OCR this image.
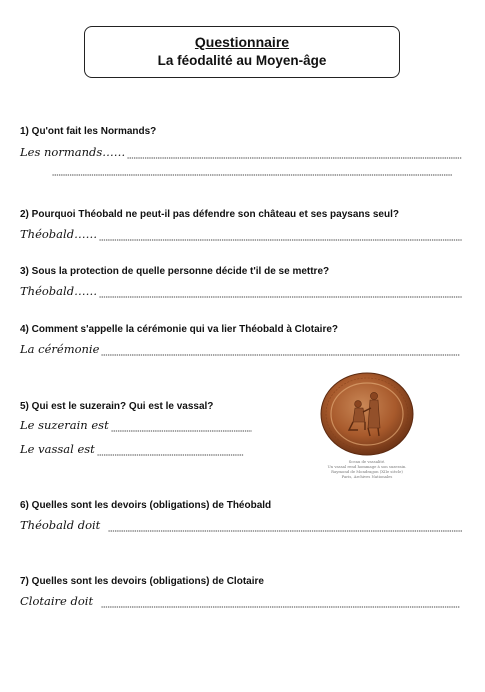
Questionnaire
La féodalité au Moyen-âge
1) Qu'ont fait les Normands?
Les normands ……
2) Pourquoi Théobald ne peut-il pas défendre son château et ses paysans seul?
Théobald ……
3) Sous la protection de quelle personne décide t'il de se mettre?
Théobald ……
4) Comment s'appelle la cérémonie qui va lier Théobald à Clotaire?
La cérémonie
5) Qui est le suzerain? Qui est le vassal?
Le suzerain est
Le vassal est
Sceau de vassalité.
Un vassal rend hommage à son suzerain.
Raymond de Mondragon (XIIe siècle)
Paris, Archives Nationales
6) Quelles sont les devoirs (obligations) de Théobald
Théobald doit
7) Quelles sont les devoirs (obligations) de Clotaire
Clotaire doit
